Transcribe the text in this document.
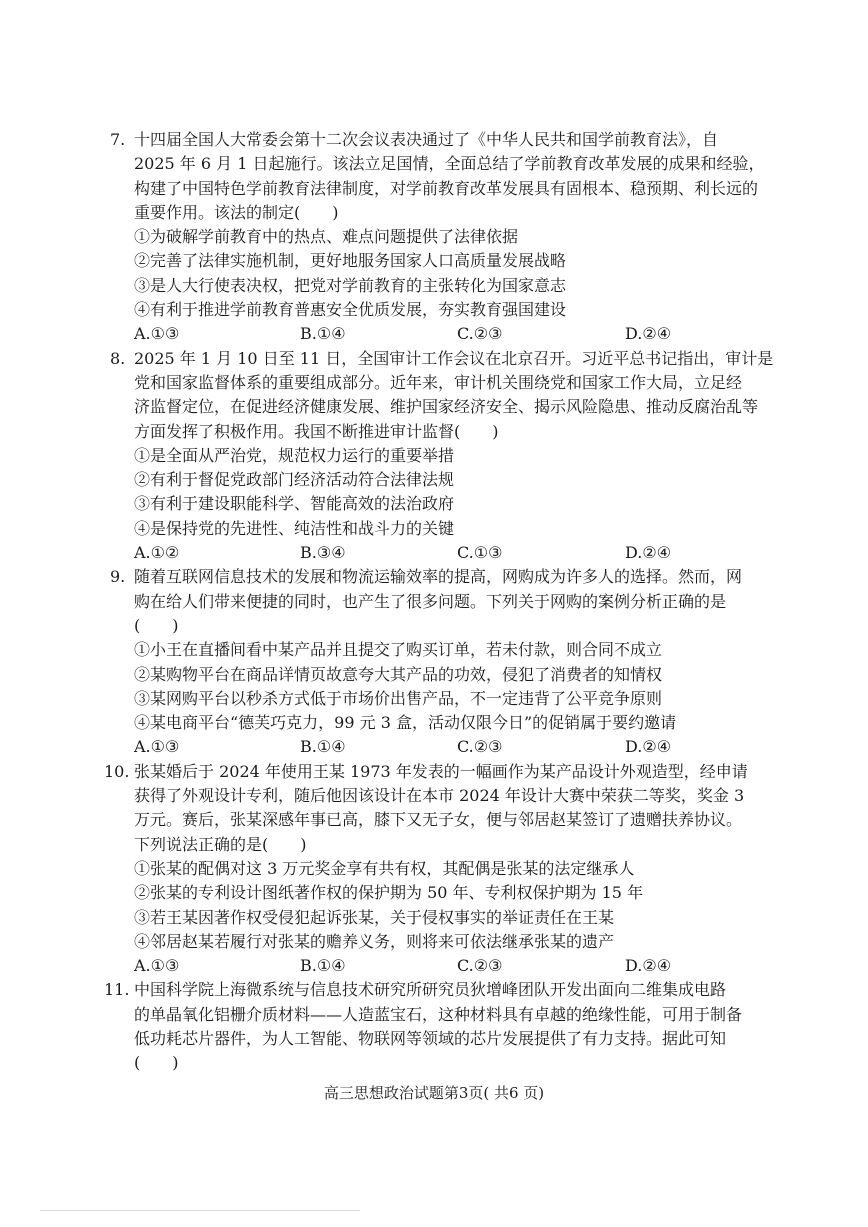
7. 十四届全国人大常委会第十二次会议表决通过了《中华人民共和国学前教育法》，自
2025 年 6 月 1 日起施行。该法立足国情，全面总结了学前教育改革发展的成果和经验，
构建了中国特色学前教育法律制度，对学前教育改革发展具有固根本、稳预期、利长远的
重要作用。该法的制定(　　)
①为破解学前教育中的热点、难点问题提供了法律依据
②完善了法律实施机制，更好地服务国家人口高质量发展战略
③是人大行使表决权，把党对学前教育的主张转化为国家意志
④有利于推进学前教育普惠安全优质发展，夯实教育强国建设
A.①③	B.①④	C.②③	D.②④
8. 2025 年 1 月 10 日至 11 日，全国审计工作会议在北京召开。习近平总书记指出，审计是
党和国家监督体系的重要组成部分。近年来，审计机关围绕党和国家工作大局，立足经
济监督定位，在促进经济健康发展、维护国家经济安全、揭示风险隐患、推动反腐治乱等
方面发挥了积极作用。我国不断推进审计监督(　　)
①是全面从严治党，规范权力运行的重要举措
②有利于督促党政部门经济活动符合法律法规
③有利于建设职能科学、智能高效的法治政府
④是保持党的先进性、纯洁性和战斗力的关键
A.①②	B.③④	C.①③	D.②④
9. 随着互联网信息技术的发展和物流运输效率的提高，网购成为许多人的选择。然而，网
购在给人们带来便捷的同时，也产生了很多问题。下列关于网购的案例分析正确的是
(　　)
①小王在直播间看中某产品并且提交了购买订单，若未付款，则合同不成立
②某购物平台在商品详情页故意夸大其产品的功效，侵犯了消费者的知情权
③某网购平台以秒杀方式低于市场价出售产品，不一定违背了公平竞争原则
④某电商平台“德芙巧克力，99 元 3 盒，活动仅限今日”的促销属于要约邀请
A.①③	B.①④	C.②③	D.②④
10. 张某婚后于 2024 年使用王某 1973 年发表的一幅画作为某产品设计外观造型，经申请
获得了外观设计专利，随后他因该设计在本市 2024 年设计大赛中荣获二等奖，奖金 3
万元。赛后，张某深感年事已高，膝下又无子女，便与邻居赵某签订了遗赠扶养协议。
下列说法正确的是(　　)
①张某的配偶对这 3 万元奖金享有共有权，其配偶是张某的法定继承人
②张某的专利设计图纸著作权的保护期为 50 年、专利权保护期为 15 年
③若王某因著作权受侵犯起诉张某，关于侵权事实的举证责任在王某
④邻居赵某若履行对张某的赡养义务，则将来可依法继承张某的遗产
A.①③	B.①④	C.②③	D.②④
11. 中国科学院上海微系统与信息技术研究所研究员狄增峰团队开发出面向二维集成电路
的单晶氧化铝栅介质材料——人造蓝宝石，这种材料具有卓越的绝缘性能，可用于制备
低功耗芯片器件，为人工智能、物联网等领域的芯片发展提供了有力支持。据此可知
(　　)
高三思想政治试题第3页( 共6 页)
